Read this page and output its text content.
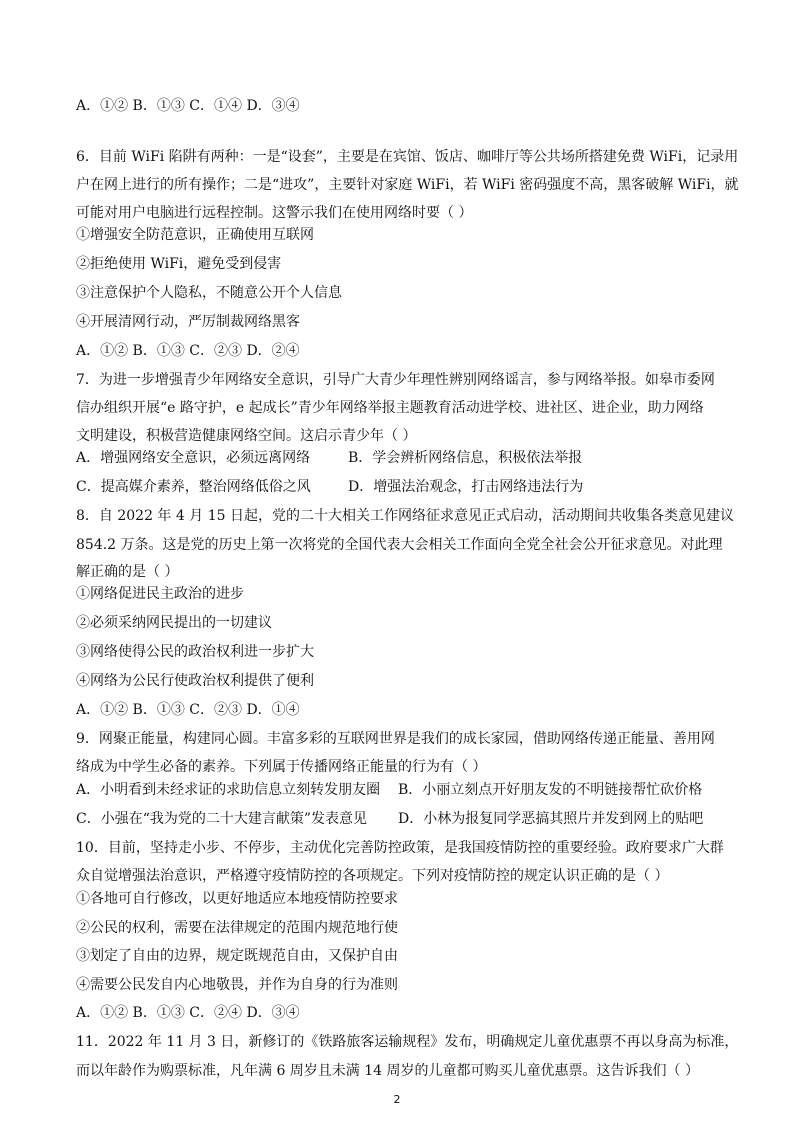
A．①② B．①③ C．①④ D．③④
6．目前 WiFi 陷阱有两种：一是“设套”，主要是在宾馆、饭店、咖啡厅等公共场所搭建免费 WiFi，记录用
户在网上进行的所有操作；二是“进攻”，主要针对家庭 WiFi，若 WiFi 密码强度不高，黑客破解 WiFi，就
可能对用户电脑进行远程控制。这警示我们在使用网络时要（ ）
①增强安全防范意识，正确使用互联网
②拒绝使用 WiFi，避免受到侵害
③注意保护个人隐私，不随意公开个人信息
④开展清网行动，严厉制裁网络黑客
A．①② B．①③ C．②③ D．②④
7．为进一步增强青少年网络安全意识，引导广大青少年理性辨别网络谣言，参与网络举报。如皋市委网
信办组织开展“e 路守护，e 起成长”青少年网络举报主题教育活动进学校、进社区、进企业，助力网络
文明建设，积极营造健康网络空间。这启示青少年（ ）
A．增强网络安全意识，必须远离网络	B．学会辨析网络信息，积极依法举报
C．提高媒介素养，整治网络低俗之风	D．增强法治观念，打击网络违法行为
8．自 2022 年 4 月 15 日起，党的二十大相关工作网络征求意见正式启动，活动期间共收集各类意见建议
854.2 万条。这是党的历史上第一次将党的全国代表大会相关工作面向全党全社会公开征求意见。对此理
解正确的是（ ）
①网络促进民主政治的进步
②必须采纳网民提出的一切建议
③网络使得公民的政治权利进一步扩大
④网络为公民行使政治权利提供了便利
A．①② B．①③ C．②③ D．①④
9．网聚正能量，构建同心圆。丰富多彩的互联网世界是我们的成长家园，借助网络传递正能量、善用网
络成为中学生必备的素养。下列属于传播网络正能量的行为有（ ）
A．小明看到未经求证的求助信息立刻转发朋友圈 B．小丽立刻点开好朋友发的不明链接帮忙砍价格
C．小强在“我为党的二十大建言献策”发表意见 D．小林为报复同学恶搞其照片并发到网上的贴吧
10．目前，坚持走小步、不停步，主动优化完善防控政策，是我国疫情防控的重要经验。政府要求广大群
众自觉增强法治意识，严格遵守疫情防控的各项规定。下列对疫情防控的规定认识正确的是（ ）
①各地可自行修改，以更好地适应本地疫情防控要求
②公民的权利，需要在法律规定的范围内规范地行使
③划定了自由的边界，规定既规范自由，又保护自由
④需要公民发自内心地敬畏，并作为自身的行为准则
A．①② B．①③ C．②④ D．③④
11．2022 年 11 月 3 日，新修订的《铁路旅客运输规程》发布，明确规定儿童优惠票不再以身高为标准，
而以年龄作为购票标准，凡年满 6 周岁且未满 14 周岁的儿童都可购买儿童优惠票。这告诉我们（ ）
2
